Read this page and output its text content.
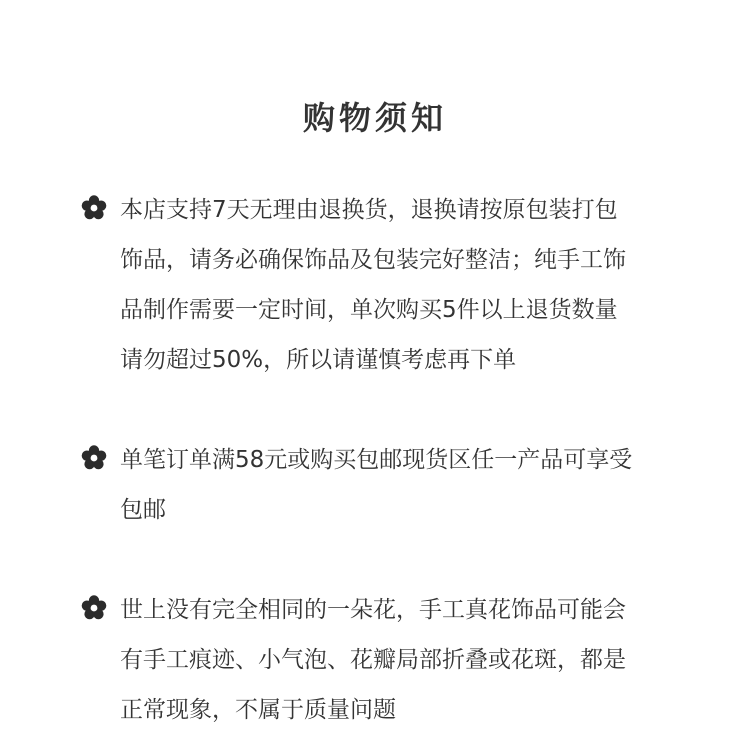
购物须知
本店支持7天无理由退换货，退换请按原包装打包
饰品，请务必确保饰品及包装完好整洁；纯手工饰
品制作需要一定时间，单次购买5件以上退货数量
请勿超过50%，所以请谨慎考虑再下单
单笔订单满58元或购买包邮现货区任一产品可享受
包邮
世上没有完全相同的一朵花，手工真花饰品可能会
有手工痕迹、小气泡、花瓣局部折叠或花斑，都是
正常现象，不属于质量问题
